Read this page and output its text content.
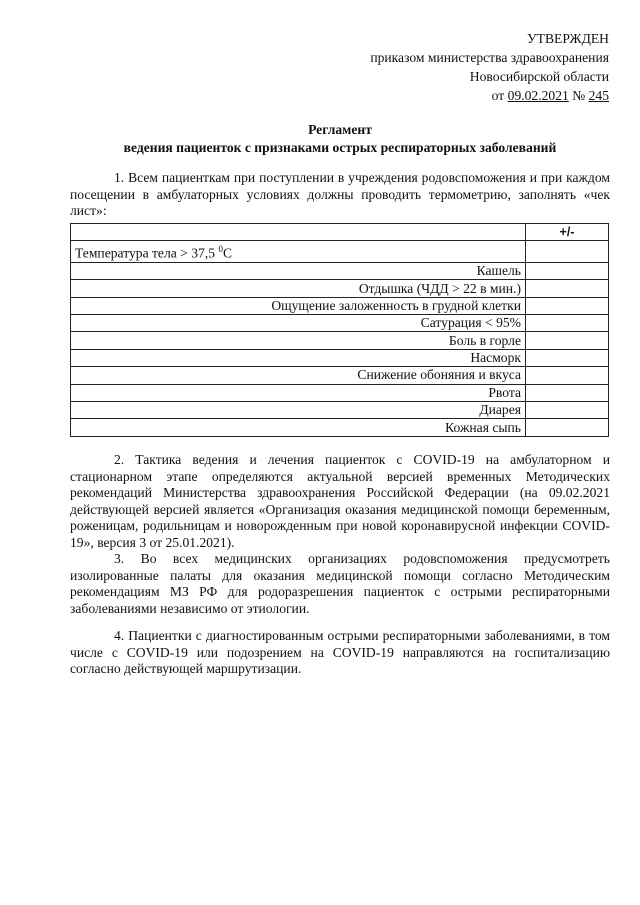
УТВЕРЖДЕН
приказом министерства здравоохранения
Новосибирской области
от 09.02.2021 № 245
Регламент
ведения пациенток с признаками острых респираторных заболеваний

1. Всем пациенткам при поступлении в учреждения родовспоможения и при каждом посещении в амбулаторных условиях должны проводить термометрию, заполнять «чек лист»:

	+/-
Температура тела > 37,5 $^0$С	
Кашель	
Отдышка (ЧДД > 22 в мин.)	
Ощущение заложенность в грудной клетки	
Сатурация < 95%	
Боль в горле	
Насморк	
Снижение обоняния и вкуса	
Рвота	
Диарея	
Кожная сыпь	

2. Тактика ведения и лечения пациенток с COVID-19 на амбулаторном и стационарном этапе определяются актуальной версией временных Методических рекомендаций Министерства здравоохранения Российской Федерации (на 09.02.2021 действующей версией является «Организация оказания медицинской помощи беременным, роженицам, родильницам и новорожденным при новой коронавирусной инфекции COVID-19», версия 3 от 25.01.2021).

3. Во всех медицинских организациях родовспоможения предусмотреть изолированные палаты для оказания медицинской помощи согласно Методическим рекомендациям МЗ РФ для родоразрешения пациенток с острыми респираторными заболеваниями независимо от этиологии.

4. Пациентки с диагностированным острыми респираторными заболеваниями, в том числе с COVID-19 или подозрением на COVID-19 направляются на госпитализацию согласно действующей маршрутизации.
